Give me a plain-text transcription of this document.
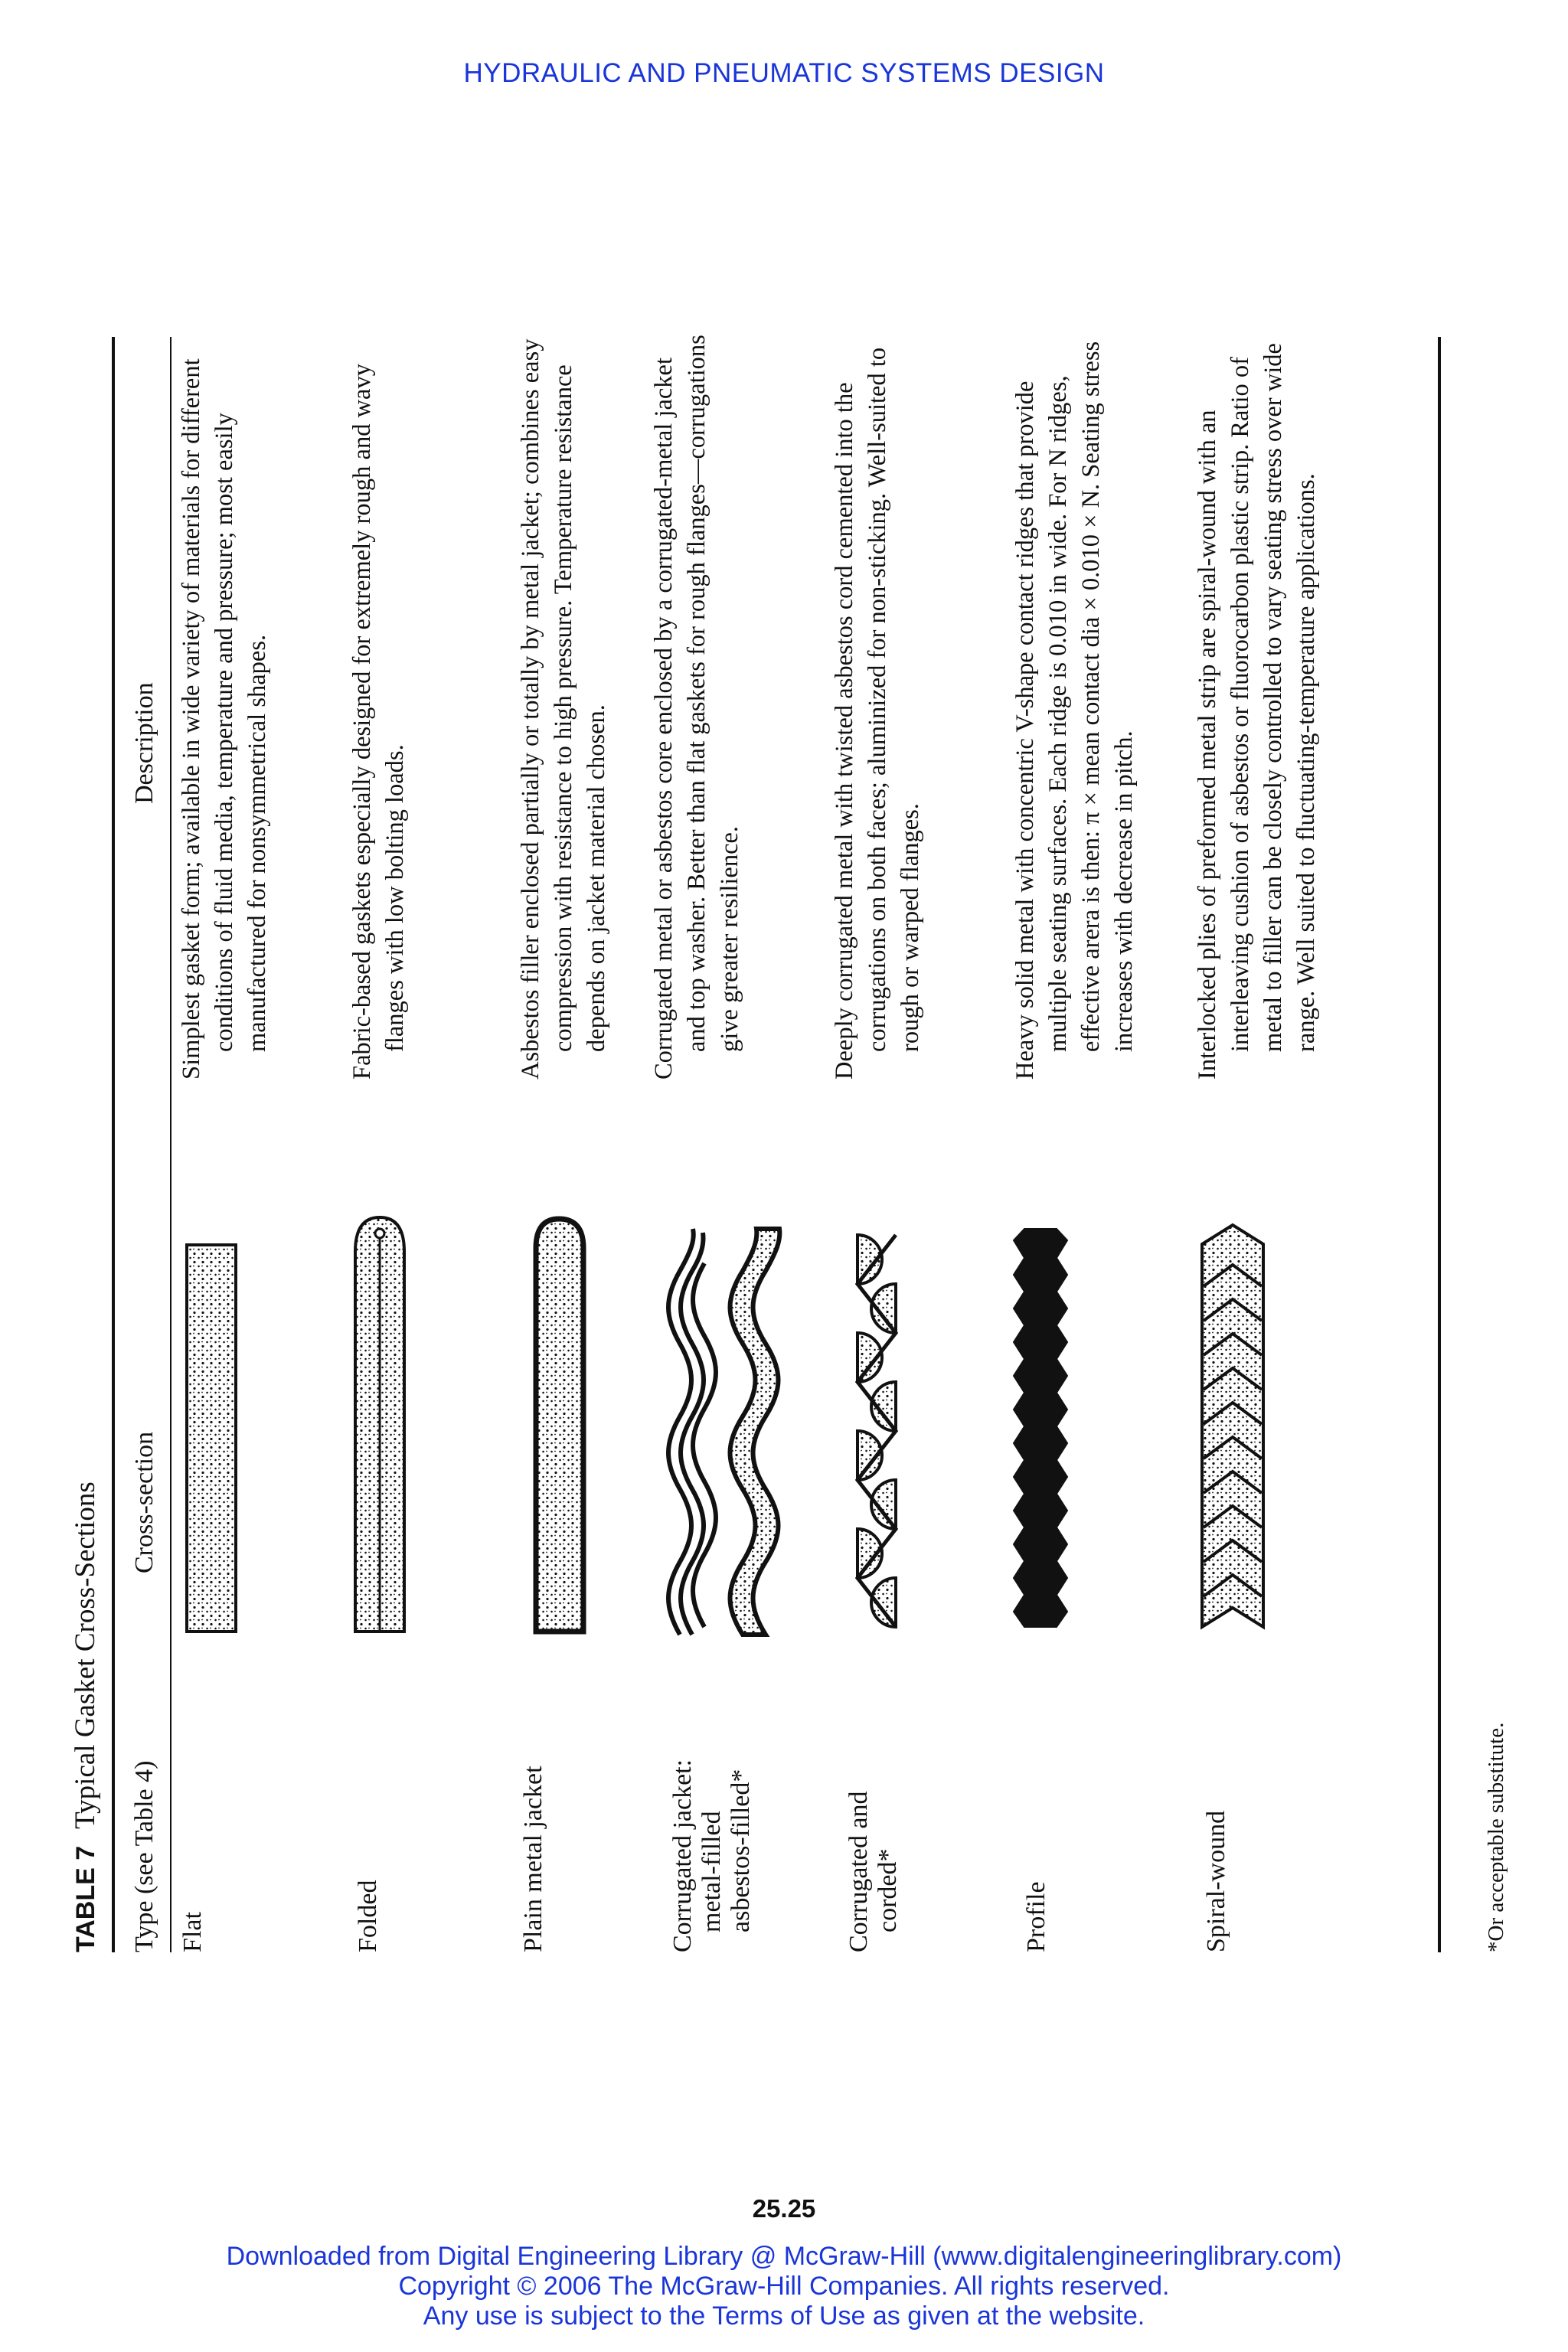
HYDRAULIC AND PNEUMATIC SYSTEMS DESIGN
TABLE 7Typical Gasket Cross-Sections
Type (see Table 4)
Cross-section
Description
Flat

Simplest gasket form; available in wide variety of materials for different conditions of fluid media, temperature and pressure; most easily manufactured for nonsymmetrical shapes.

Folded

Fabric-based gaskets especially designed for extremely rough and wavy flanges with low bolting loads.

Plain metal jacket

Asbestos filler enclosed partially or totally by metal jacket; combines easy compression with resistance to high pressure. Temperature resistance depends on jacket material chosen.

Corrugated jacket: metal-filled asbestos-filled*

Corrugated metal or asbestos core enclosed by a corrugated-metal jacket and top washer. Better than flat gaskets for rough flanges—corrugations give greater resilience.

Corrugated and corded*

Deeply corrugated metal with twisted asbestos cord cemented into the corrugations on both faces; aluminized for non-sticking. Well-suited to rough or warped flanges.

Profile

Heavy solid metal with concentric V-shape contact ridges that provide multiple seating surfaces. Each ridge is 0.010 in wide. For N ridges, effective arera is then: π × mean contact dia × 0.010 × N. Seating stress increases with decrease in pitch.

Spiral-wound

Interlocked plies of preformed metal strip are spiral-wound with an interleaving cushion of asbestos or fluorocarbon plastic strip. Ratio of metal to filler can be closely controlled to vary seating stress over wide range. Well suited to fluctuating-temperature applications.

*Or acceptable substitute.
25.25
Downloaded from Digital Engineering Library @ McGraw-Hill (www.digitalengineeringlibrary.com)
Copyright © 2006 The McGraw-Hill Companies. All rights reserved.
Any use is subject to the Terms of Use as given at the website.
